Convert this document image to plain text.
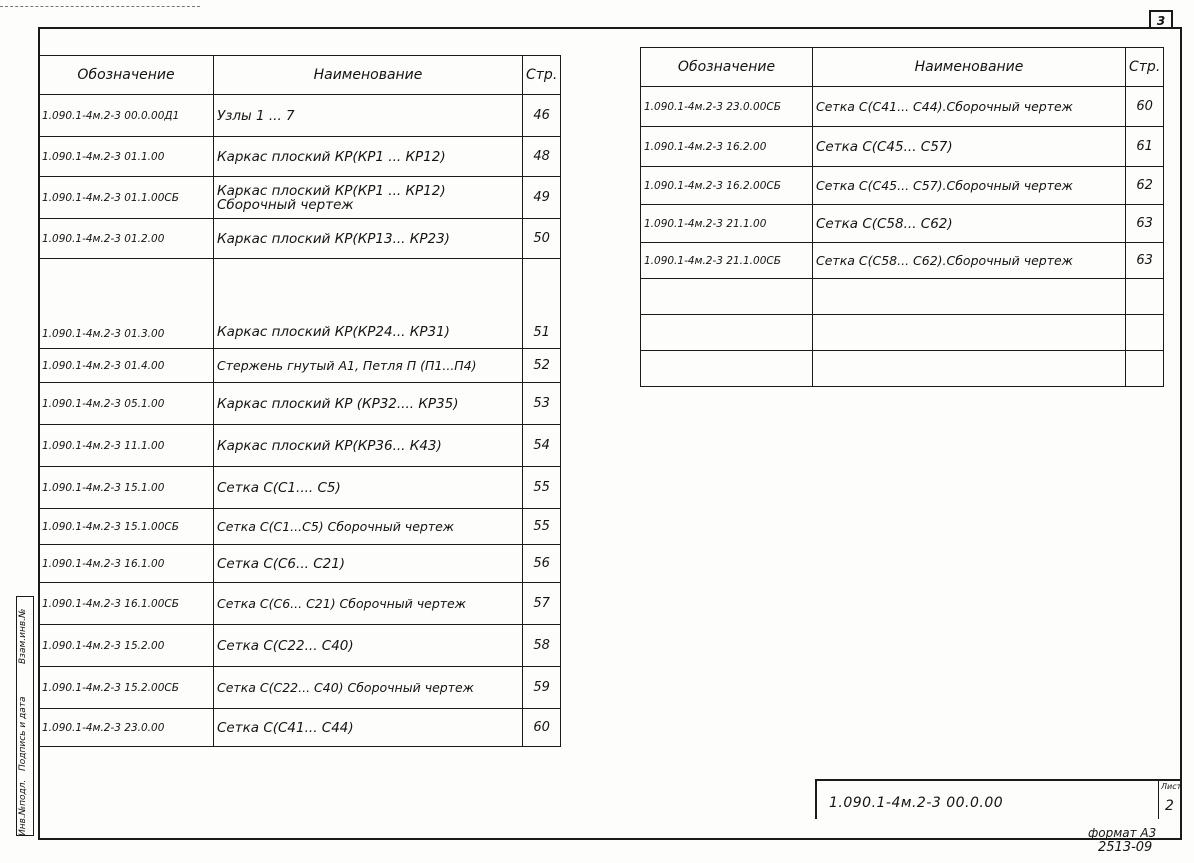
3
Обозначение	Наименование	Стр.
1.090.1-4м.2-3 00.0.00Д1	Узлы 1 ... 7	46
1.090.1-4м.2-3 01.1.00	Каркас плоский КР(КР1 ... КР12)	48
1.090.1-4м.2-3 01.1.00СБ	Каркас плоский КР(КР1 ... КР12)
Сборочный чертеж	49
1.090.1-4м.2-3 01.2.00	Каркас плоский КР(КР13... КР23)	50
1.090.1-4м.2-3 01.3.00	Каркас плоский КР(КР24... КР31)	51
1.090.1-4м.2-3 01.4.00	Стержень гнутый А1, Петля П (П1...П4)	52
1.090.1-4м.2-3 05.1.00	Каркас плоский КР (КР32.... КР35)	53
1.090.1-4м.2-3 11.1.00	Каркас плоский КР(КР36... К43)	54
1.090.1-4м.2-3 15.1.00	Сетка С(С1.... С5)	55
1.090.1-4м.2-3 15.1.00СБ	Сетка С(С1...С5) Сборочный чертеж	55
1.090.1-4м.2-3 16.1.00	Сетка С(С6... С21)	56
1.090.1-4м.2-3 16.1.00СБ	Сетка С(С6... С21) Сборочный чертеж	57
1.090.1-4м.2-3 15.2.00	Сетка С(С22... С40)	58
1.090.1-4м.2-3 15.2.00СБ	Сетка С(С22... С40) Сборочный чертеж	59
1.090.1-4м.2-3 23.0.00	Сетка С(С41... С44)	60
Обозначение	Наименование	Стр.
1.090.1-4м.2-3 23.0.00СБ	Сетка С(С41... С44).Сборочный чертеж	60
1.090.1-4м.2-3 16.2.00	Сетка С(С45... С57)	61
1.090.1-4м.2-3 16.2.00СБ	Сетка С(С45... С57).Сборочный чертеж	62
1.090.1-4м.2-3 21.1.00	Сетка С(С58... С62)	63
1.090.1-4м.2-3 21.1.00СБ	Сетка С(С58... С62).Сборочный чертеж	63

Инв.№подл.
Подпись и дата
Взам.инв.№
1.090.1-4м.2-3 00.0.00
Лист
2
формат А3
2513-09
